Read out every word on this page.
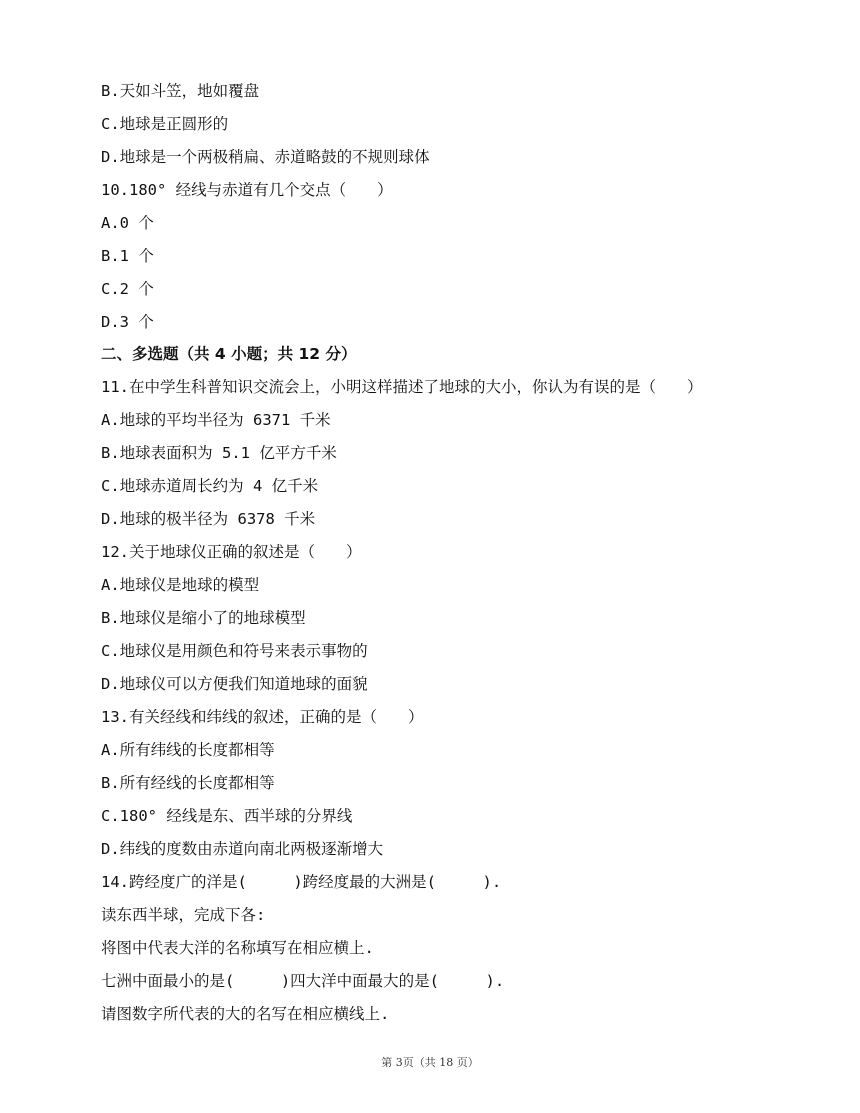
B.天如斗笠，地如覆盘
C.地球是正圆形的
D.地球是一个两极稍扁、赤道略鼓的不规则球体
10.180° 经线与赤道有几个交点（　　）
A.0 个
B.1 个
C.2 个
D.3 个
二、多选题（共 4 小题；共 12 分）
11.在中学生科普知识交流会上，小明这样描述了地球的大小，你认为有误的是（　　）
A.地球的平均半径为 6371 千米
B.地球表面积为 5.1 亿平方千米
C.地球赤道周长约为 4 亿千米
D.地球的极半径为 6378 千米
12.关于地球仪正确的叙述是（　　）
A.地球仪是地球的模型
B.地球仪是缩小了的地球模型
C.地球仪是用颜色和符号来表示事物的
D.地球仪可以方便我们知道地球的面貌
13.有关经线和纬线的叙述，正确的是（　　）
A.所有纬线的长度都相等
B.所有经线的长度都相等
C.180° 经线是东、西半球的分界线
D.纬线的度数由赤道向南北两极逐渐增大
14.跨经度广的洋是(　　　)跨经度最的大洲是(　　　).
读东西半球，完成下各:
将图中代表大洋的名称填写在相应横上.
七洲中面最小的是(　　　)四大洋中面最大的是(　　　).
请图数字所代表的大的名写在相应横线上.
第 3页（共 18 页）
